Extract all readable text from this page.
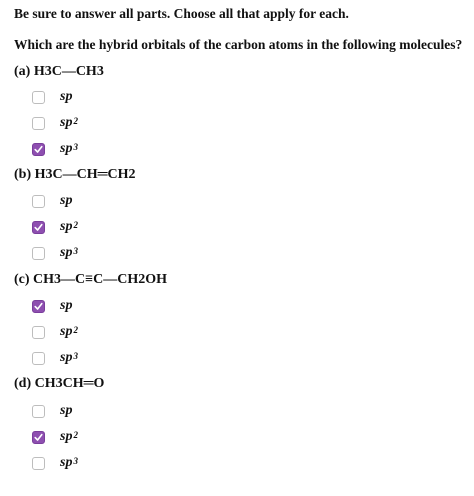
Be sure to answer all parts. Choose all that apply for each.
Which are the hybrid orbitals of the carbon atoms in the following molecules?
(a) H3C—CH3
sp
$sp^2$
$sp^3$
(b) H3C—CH═CH2
sp
$sp^2$
$sp^3$
(c) CH3—C≡C—CH2OH
sp
$sp^2$
$sp^3$
(d) CH3CH═O
sp
$sp^2$
$sp^3$
